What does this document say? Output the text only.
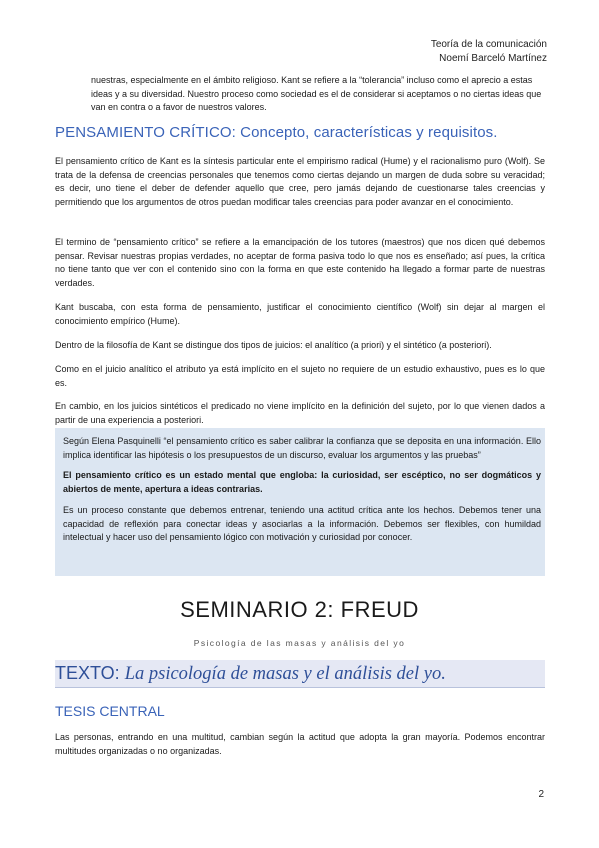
Teoría de la comunicación
Noemí Barceló Martínez

nuestras, especialmente en el ámbito religioso. Kant se refiere a la “tolerancia” incluso como el aprecio a estas ideas y a su diversidad. Nuestro proceso como sociedad es el de considerar si aceptamos o no ciertas ideas que van en contra o a favor de nuestros valores.

PENSAMIENTO CRÍTICO: Concepto, características y requisitos.

El pensamiento crítico de Kant es la síntesis particular ente el empirismo radical (Hume) y el racionalismo puro (Wolf). Se trata de la defensa de creencias personales que tenemos como ciertas dejando un margen de duda sobre su veracidad; es decir, uno tiene el deber de defender aquello que cree, pero jamás dejando de cuestionarse tales creencias y permitiendo que los argumentos de otros puedan modificar tales creencias para poder avanzar en el conocimiento.

El termino de “pensamiento crítico” se refiere a la emancipación de los tutores (maestros) que nos dicen qué debemos pensar. Revisar nuestras propias verdades, no aceptar de forma pasiva todo lo que nos es enseñado; así pues, la crítica no tiene tanto que ver con el contenido sino con la forma en que este contenido ha llegado a formar parte de nuestras verdades.

Kant buscaba, con esta forma de pensamiento, justificar el conocimiento científico (Wolf) sin dejar al margen el conocimiento empírico (Hume).

Dentro de la filosofía de Kant se distingue dos tipos de juicios: el analítico (a priori) y el sintético (a posteriori).

Como en el juicio analítico el atributo ya está implícito en el sujeto no requiere de un estudio exhaustivo, pues es lo que es.

En cambio, en los juicios sintéticos el predicado no viene implícito en la definición del sujeto, por lo que vienen dados a partir de una experiencia a posteriori.

Según Elena Pasquinelli “el pensamiento crítico es saber calibrar la confianza que se deposita en una información. Ello implica identificar las hipótesis o los presupuestos de un discurso, evaluar los argumentos y las pruebas”

El pensamiento crítico es un estado mental que engloba: la curiosidad, ser escéptico, no ser dogmáticos y abiertos de mente, apertura a ideas contrarias.

Es un proceso constante que debemos entrenar, teniendo una actitud crítica ante los hechos. Debemos tener una capacidad de reflexión para conectar ideas y asociarlas a la información. Debemos ser flexibles, con humildad intelectual y hacer uso del pensamiento lógico con motivación y curiosidad por conocer.

SEMINARIO 2: FREUD
Psicología de las masas y análisis del yo
TEXTO: La psicología de masas y el análisis del yo.
TESIS CENTRAL

Las personas, entrando en una multitud, cambian según la actitud que adopta la gran mayoría. Podemos encontrar multitudes organizadas o no organizadas.

2
